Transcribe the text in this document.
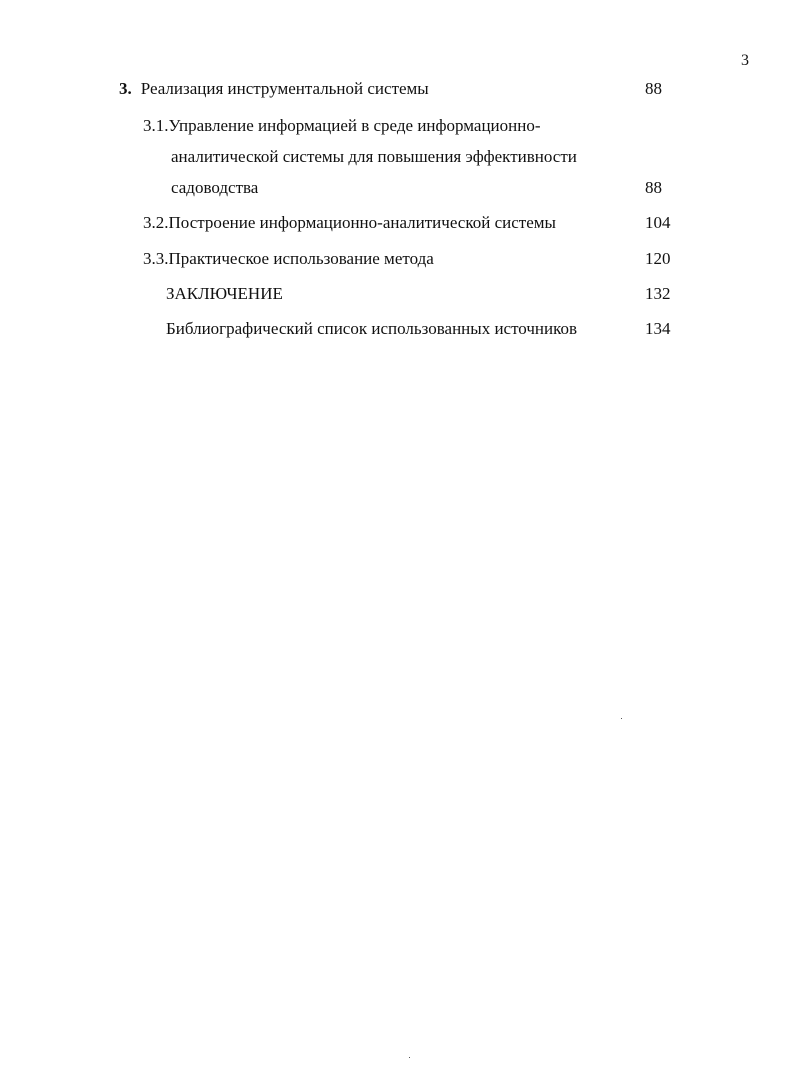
3
3. Реализация инструментальной системы	88
3.1.Управление информацией в среде информационно-
аналитической системы для повышения эффективности
садоводства	88
3.2.Построение информационно-аналитической системы	104
3.3.Практическое использование метода	120
ЗАКЛЮЧЕНИЕ	132
Библиографический список использованных источников	134
